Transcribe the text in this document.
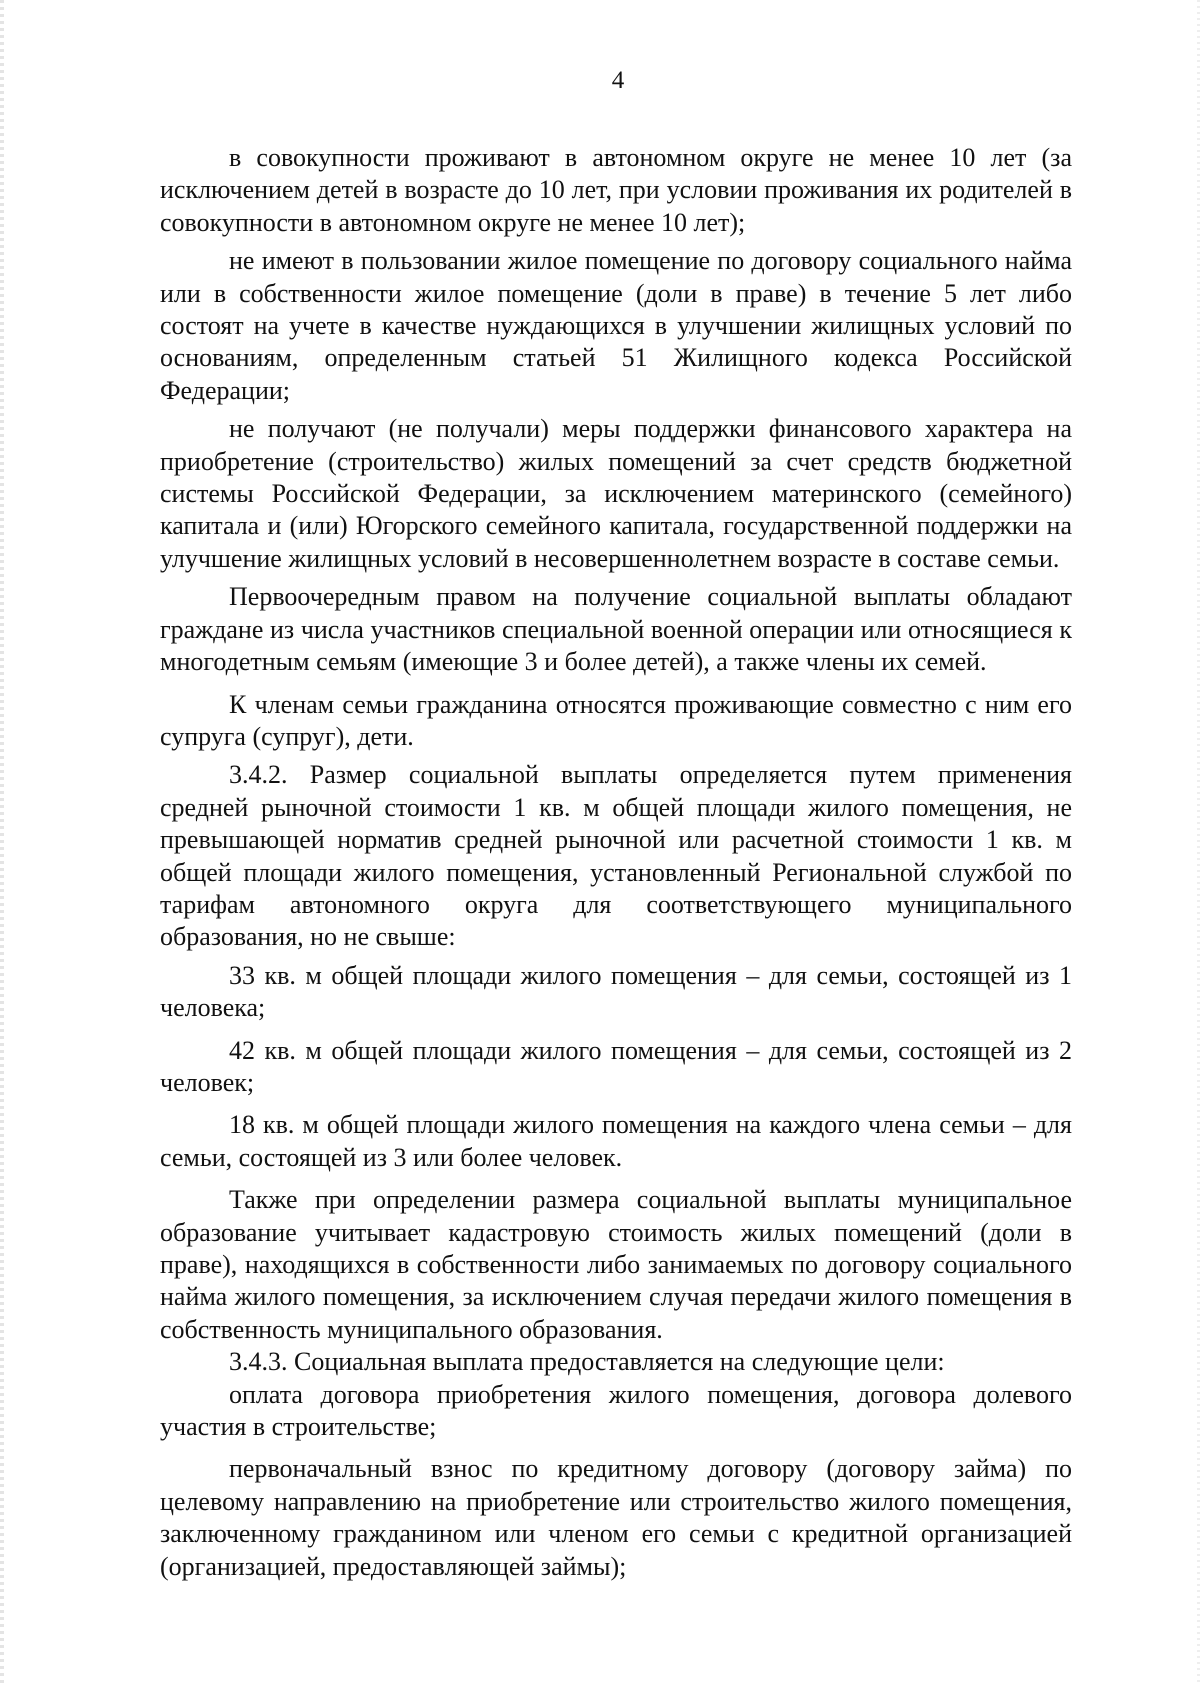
4

в совокупности проживают в автономном округе не менее 10 лет (за исключением детей в возрасте до 10 лет, при условии проживания их родителей в совокупности в автономном округе не менее 10 лет);

не имеют в пользовании жилое помещение по договору социального найма или в собственности жилое помещение (доли в праве) в течение 5 лет либо состоят на учете в качестве нуждающихся в улучшении жилищных условий по основаниям, определенным статьей 51 Жилищного кодекса Российской Федерации;

не получают (не получали) меры поддержки финансового характера на приобретение (строительство) жилых помещений за счет средств бюджетной системы Российской Федерации, за исключением материнского (семейного) капитала и (или) Югорского семейного капитала, государственной поддержки на улучшение жилищных условий в несовершеннолетнем возрасте в составе семьи.

Первоочередным правом на получение социальной выплаты обладают граждане из числа участников специальной военной операции или относящиеся к многодетным семьям (имеющие 3 и более детей), а также члены их семей.

К членам семьи гражданина относятся проживающие совместно с ним его супруга (супруг), дети.

3.4.2. Размер социальной выплаты определяется путем применения средней рыночной стоимости 1 кв. м общей площади жилого помещения, не превышающей норматив средней рыночной или расчетной стоимости 1 кв. м общей площади жилого помещения, установленный Региональной службой по тарифам автономного округа для соответствующего муниципального образования, но не свыше:

33 кв. м общей площади жилого помещения – для семьи, состоящей из 1 человека;

42 кв. м общей площади жилого помещения – для семьи, состоящей из 2 человек;

18 кв. м общей площади жилого помещения на каждого члена семьи – для семьи, состоящей из 3 или более человек.

Также при определении размера социальной выплаты муниципальное образование учитывает кадастровую стоимость жилых помещений (доли в праве), находящихся в собственности либо занимаемых по договору социального найма жилого помещения, за исключением случая передачи жилого помещения в собственность муниципального образования.

3.4.3. Социальная выплата предоставляется на следующие цели:

оплата договора приобретения жилого помещения, договора долевого участия в строительстве;

первоначальный взнос по кредитному договору (договору займа) по целевому направлению на приобретение или строительство жилого помещения, заключенному гражданином или членом его семьи с кредитной организацией (организацией, предоставляющей займы);
